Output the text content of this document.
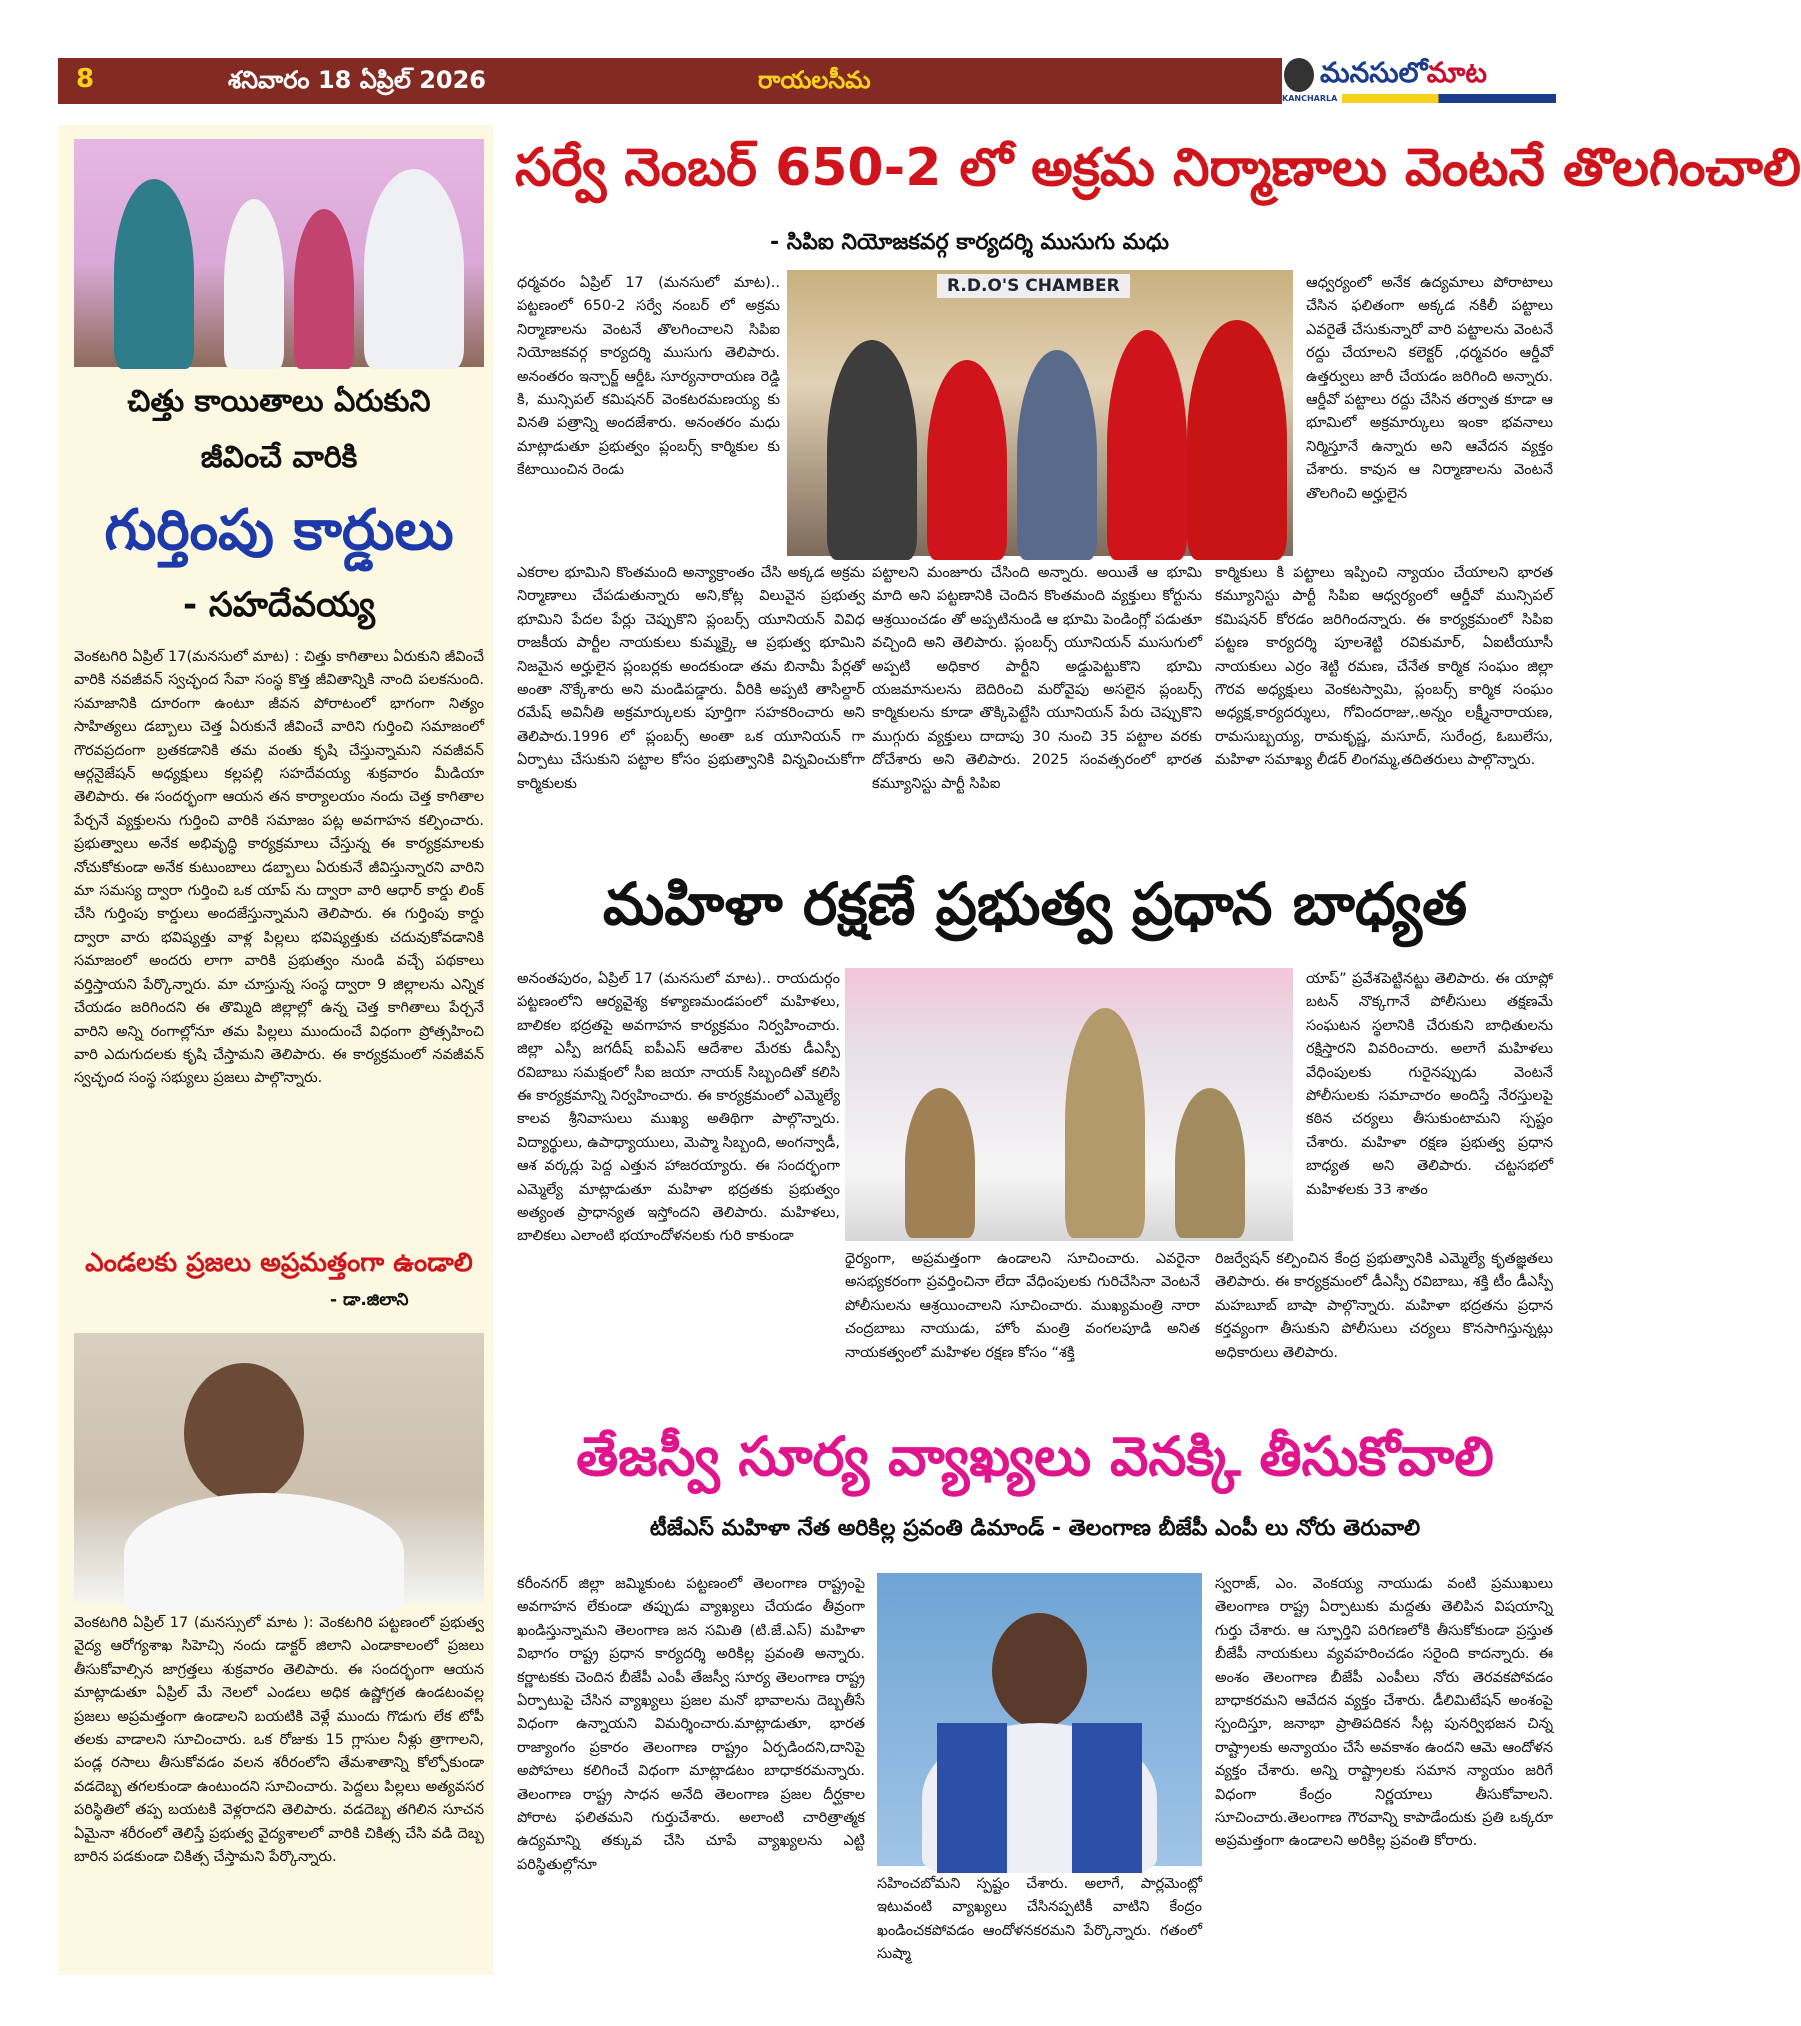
8	శనివారం 18 ఏప్రిల్ 2026	రాయలసీమ
KANCHARLA
మనసులోమాట
చిత్తు కాయితాలు ఏరుకుని
జీవించే వారికి
గుర్తింపు కార్డులు
- సహదేవయ్య
వెంకటగిరి ఏప్రిల్ 17(మనసులో మాట) : చిత్తు కాగితాలు ఏరుకుని జీవించే వారికి నవజీవన్ స్వచ్ఛంద సేవా సంస్థ కొత్త జీవితాన్నికి నాంది పలకనుంది. సమాజానికి దూరంగా ఉంటూ జీవన పోరాటంలో భాగంగా నిత్యం సాహిత్యలు డబ్బాలు చెత్త ఏరుకునే జీవించే వారిని గుర్తించి సమాజంలో గౌరవప్రదంగా బ్రతకడానికి తమ వంతు కృషి చేస్తున్నామని నవజీవన్ ఆర్గనైజేషన్ అధ్యక్షులు కల్లపల్లి సహదేవయ్య శుక్రవారం మీడియా తెలిపారు. ఈ సందర్భంగా ఆయన తన కార్యాలయం నందు చెత్త కాగితాల పేర్చనే వ్యక్తులను గుర్తించి వారికి సమాజం పట్ల అవగాహన కల్పించారు. ప్రభుత్వాలు అనేక అభివృద్ధి కార్యక్రమాలు చేస్తున్న ఈ కార్యక్రమాలకు నోచుకోకుండా అనేక కుటుంబాలు డబ్బాలు ఏరుకునే జీవిస్తున్నారని వారిని మా సమస్య ద్వారా గుర్తించి ఒక యాప్ ను ద్వారా వారి ఆధార్ కార్డు లింక్ చేసి గుర్తింపు కార్డులు అందజేస్తున్నామని తెలిపారు. ఈ గుర్తింపు కార్డు ద్వారా వారు భవిష్యత్తు వాళ్ల పిల్లలు భవిష్యత్తుకు చదువుకోవడానికి సమాజంలో అందరు లాగా వారికి ప్రభుత్వం నుండి వచ్చే పథకాలు వర్తిస్తాయని పేర్కొన్నారు. మా చూస్తున్న సంస్థ ద్వారా 9 జిల్లాలను ఎన్నిక చేయడం జరిగిందని ఈ తొమ్మిది జిల్లాల్లో ఉన్న చెత్త కాగితాలు పేర్చనే వారిని అన్ని రంగాల్లోనూ తమ పిల్లలు ముందుంచే విధంగా ప్రోత్సహించి వారి ఎదుగుదలకు కృషి చేస్తామని తెలిపారు. ఈ కార్యక్రమంలో నవజీవన్ స్వచ్ఛంద సంస్థ సభ్యులు ప్రజలు పాల్గొన్నారు.
ఎండలకు ప్రజలు అప్రమత్తంగా ఉండాలి
- డా.జిలాని
వెంకటగిరి ఏప్రిల్ 17 (మనస్సులో మాట ): వెంకటగిరి పట్టణంలో ప్రభుత్వ వైద్య ఆరోగ్యశాఖ సిహెచ్సి నందు డాక్టర్ జిలాని ఎండాకాలంలో ప్రజలు తీసుకోవాల్సిన జాగ్రత్తలు శుక్రవారం తెలిపారు. ఈ సందర్భంగా ఆయన మాట్లాడుతూ ఏప్రిల్ మే నెలలో ఎండలు అధిక ఉష్ణోగ్రత ఉండటంవల్ల ప్రజలు అప్రమత్తంగా ఉండాలని బయటికి వెళ్లే ముందు గొడుగు లేక టోపీ తలకు వాడాలని సూచించారు. ఒక రోజుకు 15 గ్లాసుల నీళ్లు త్రాగాలని, పండ్ల రసాలు తీసుకోవడం వలన శరీరంలోని తేమశాతాన్ని కోల్పోకుండా వడదెబ్బ తగలకుండా ఉంటుందని సూచించారు. పెద్దలు పిల్లలు అత్యవసర పరిస్థితిలో తప్ప బయటకి వెళ్లరాదని తెలిపారు. వడదెబ్బ తగిలిన సూచన ఏమైనా శరీరంలో తెలిస్తే ప్రభుత్వ వైద్యశాలలో వారికి చికిత్స చేసి వడి దెబ్బ బారిన పడకుండా చికిత్స చేస్తామని పేర్కొన్నారు.
సర్వే నెంబర్ 650-2 లో అక్రమ నిర్మాణాలు వెంటనే తొలగించాలి
- సిపిఐ నియోజకవర్గ కార్యదర్శి ముసుగు మధు
ధర్మవరం ఏప్రిల్ 17 (మనసులో మాట).. పట్టణంలో 650-2 సర్వే నంబర్ లో అక్రమ నిర్మాణాలను వెంటనే తొలగించాలని సిపిఐ నియోజకవర్గ కార్యదర్శి ముసుగు తెలిపారు. అనంతరం ఇన్చార్జ్ ఆర్డీఓ సూర్యనారాయణ రెడ్డి కి, మున్సిపల్ కమిషనర్ వెంకటరమణయ్య కు వినతి పత్రాన్ని అందజేశారు. అనంతరం మధు మాట్లాడుతూ ప్రభుత్వం ప్లంబర్స్ కార్మికుల కు కేటాయించిన రెండు
R.D.O'S CHAMBER	ఆధ్వర్యంలో అనేక ఉద్యమాలు పోరాటాలు చేసిన ఫలితంగా అక్కడ నకిలీ పట్టాలు ఎవరైతే చేసుకున్నారో వారి పట్టాలను వెంటనే రద్దు చేయాలని కలెక్టర్ ,ధర్మవరం ఆర్డీవో ఉత్తర్వులు జారీ చేయడం జరిగింది అన్నారు. ఆర్డీవో పట్టాలు రద్దు చేసిన తర్వాత కూడా ఆ భూమిలో అక్రమార్కులు ఇంకా భవనాలు నిర్మిస్తూనే ఉన్నారు అని ఆవేదన వ్యక్తం చేశారు. కావున ఆ నిర్మాణాలను వెంటనే తొలగించి అర్హులైన
ఎకరాల భూమిని కొంతమంది అన్యాక్రాంతం చేసి అక్కడ అక్రమ నిర్మాణాలు చేపడుతున్నారు అని,కోట్ల విలువైన ప్రభుత్వ భూమిని పేదల పేర్లు చెప్పుకొని ప్లంబర్స్ యూనియన్ వివిధ రాజకీయ పార్టీల నాయకులు కుమ్మక్కై ఆ ప్రభుత్వ భూమిని నిజమైన అర్హులైన ప్లంబర్లకు అందకుండా తమ బినామీ పేర్లతో అంతా నొక్కేశారు అని మండిపడ్డారు. వీరికి అప్పటి తాసిల్దార్ రమేష్ అవినీతి అక్రమార్కులకు పూర్తిగా సహకరించారు అని తెలిపారు.1996 లో ప్లంబర్స్ అంతా ఒక యూనియన్ గా ఏర్పాటు చేసుకుని పట్టాల కోసం ప్రభుత్వానికి విన్నవించుకోగా కార్మికులకు
పట్టాలని మంజూరు చేసింది అన్నారు. అయితే ఆ భూమి మాది అని పట్టణానికి చెందిన కొంతమంది వ్యక్తులు కోర్టును ఆశ్రయించడం తో అప్పటినుండి ఆ భూమి పెండింగ్లో పడుతూ వచ్చింది అని తెలిపారు. ప్లంబర్స్ యూనియన్ ముసుగులో అప్పటి అధికార పార్టీని అడ్డుపెట్టుకొని భూమి యజమానులను బెదిరించి మరోవైపు అసలైన ప్లంబర్స్ కార్మికులను కూడా తొక్కిపెట్టేసి యూనియన్ పేరు చెప్పుకొని ముగ్గురు వ్యక్తులు దాదాపు 30 నుంచి 35 పట్టాల వరకు దోచేశారు అని తెలిపారు. 2025 సంవత్సరంలో భారత కమ్యూనిస్టు పార్టీ సిపిఐ
కార్మికులు కి పట్టాలు ఇప్పించి న్యాయం చేయాలని భారత కమ్యూనిస్టు పార్టీ సిపిఐ ఆధ్వర్యంలో ఆర్డీవో మున్సిపల్ కమిషనర్ కోరడం జరిగిందన్నారు. ఈ కార్యక్రమంలో సిపిఐ పట్టణ కార్యదర్శి పూలశెట్టి రవికుమార్, ఏఐటీయూసీ నాయకులు ఎర్రం శెట్టి రమణ, చేనేత కార్మిక సంఘం జిల్లా గౌరవ అధ్యక్షులు వెంకటస్వామి, ప్లంబర్స్ కార్మిక సంఘం అధ్యక్ష,కార్యదర్శులు, గోవిందరాజు,.అన్నం లక్ష్మీనారాయణ, రామసుబ్బయ్య, రామకృష్ణ, మసూద్, సురేంద్ర, ఓబులేసు, మహిళా సమాఖ్య లీడర్ లింగమ్మ,తదితరులు పాల్గొన్నారు.
మహిళా రక్షణే ప్రభుత్వ ప్రధాన బాధ్యత
అనంతపురం, ఏప్రిల్ 17 (మనసులో మాట).. రాయదుర్గం పట్టణంలోని ఆర్యవైశ్య కళ్యాణమండపంలో మహిళలు, బాలికల భద్రతపై అవగాహన కార్యక్రమం నిర్వహించారు. జిల్లా ఎస్పీ జగదీష్ ఐపీఎస్ ఆదేశాల మేరకు డీఎస్పీ రవిబాబు సమక్షంలో సీఐ జయా నాయక్ సిబ్బందితో కలిసి ఈ కార్యక్రమాన్ని నిర్వహించారు. ఈ కార్యక్రమంలో ఎమ్మెల్యే కాలవ శ్రీనివాసులు ముఖ్య అతిథిగా పాల్గొన్నారు. విద్యార్థులు, ఉపాధ్యాయులు, మెప్మా సిబ్బంది, అంగన్వాడీ, ఆశ వర్కర్లు పెద్ద ఎత్తున హాజరయ్యారు. ఈ సందర్భంగా ఎమ్మెల్యే మాట్లాడుతూ మహిళా భద్రతకు ప్రభుత్వం అత్యంత ప్రాధాన్యత ఇస్తోందని తెలిపారు. మహిళలు, బాలికలు ఎలాంటి భయాందోళనలకు గురి కాకుండా
యాప్” ప్రవేశపెట్టినట్టు తెలిపారు. ఈ యాప్లో బటన్ నొక్కగానే పోలీసులు తక్షణమే సంఘటన స్థలానికి చేరుకుని బాధితులను రక్షిస్తారని వివరించారు. అలాగే మహిళలు వేధింపులకు గురైనప్పుడు వెంటనే పోలీసులకు సమాచారం అందిస్తే నేరస్తులపై కఠిన చర్యలు తీసుకుంటామని స్పష్టం చేశారు. మహిళా రక్షణ ప్రభుత్వ ప్రధాన బాధ్యత అని తెలిపారు. చట్టసభలో మహిళలకు 33 శాతం
ధైర్యంగా, అప్రమత్తంగా ఉండాలని సూచించారు. ఎవరైనా అసభ్యకరంగా ప్రవర్తించినా లేదా వేధింపులకు గురిచేసినా వెంటనే పోలీసులను ఆశ్రయించాలని సూచించారు. ముఖ్యమంత్రి నారా చంద్రబాబు నాయుడు, హోం మంత్రి వంగలపూడి అనిత నాయకత్వంలో మహిళల రక్షణ కోసం “శక్తి
రిజర్వేషన్ కల్పించిన కేంద్ర ప్రభుత్వానికి ఎమ్మెల్యే కృతజ్ఞతలు తెలిపారు. ఈ కార్యక్రమంలో డీఎస్పీ రవిబాబు, శక్తి టీం డీఎస్పీ మహబూబ్ బాషా పాల్గొన్నారు. మహిళా భద్రతను ప్రధాన కర్తవ్యంగా తీసుకుని పోలీసులు చర్యలు కొనసాగిస్తున్నట్లు అధికారులు తెలిపారు.
తేజస్వీ సూర్య వ్యాఖ్యలు వెనక్కి తీసుకోవాలి
టీజేఎస్ మహిళా నేత అరికిల్ల ప్రవంతి డిమాండ్ - తెలంగాణ బీజేపీ ఎంపీ లు నోరు తెరువాలి
కరీంనగర్ జిల్లా జమ్మికుంట పట్టణంలో తెలంగాణ రాష్ట్రంపై అవగాహన లేకుండా తప్పుడు వ్యాఖ్యలు చేయడం తీవ్రంగా ఖండిస్తున్నామని తెలంగాణ జన సమితి (టి.జే.ఎస్) మహిళా విభాగం రాష్ట్ర ప్రధాన కార్యదర్శి అరికిల్ల ప్రవంతి అన్నారు. కర్ణాటకకు చెందిన బీజేపీ ఎంపీ తేజస్వీ సూర్య తెలంగాణ రాష్ట్ర ఏర్పాటుపై చేసిన వ్యాఖ్యలు ప్రజల మనో భావాలను దెబ్బతీసే విధంగా ఉన్నాయని విమర్శించారు.మాట్లాడుతూ, భారత రాజ్యాంగం ప్రకారం తెలంగాణ రాష్ట్రం ఏర్పడిందని,దానిపై అపోహలు కలిగించే విధంగా మాట్లాడటం బాధాకరమన్నారు. తెలంగాణ రాష్ట్ర సాధన అనేది తెలంగాణ ప్రజల దీర్ఘకాల పోరాట ఫలితమని గుర్తుచేశారు. అలాంటి చారిత్రాత్మక ఉద్యమాన్ని తక్కువ చేసి చూపే వ్యాఖ్యలను ఎట్టి పరిస్థితుల్లోనూ
సహించబోమని స్పష్టం చేశారు. అలాగే, పార్లమెంట్లో ఇటువంటి వ్యాఖ్యలు చేసినప్పటికీ వాటిని కేంద్రం ఖండించకపోవడం ఆందోళనకరమని పేర్కొన్నారు. గతంలో సుష్మా
స్వరాజ్, ఎం. వెంకయ్య నాయుడు వంటి ప్రముఖులు తెలంగాణ రాష్ట్ర ఏర్పాటుకు మద్దతు తెలిపిన విషయాన్ని గుర్తు చేశారు. ఆ స్ఫూర్తిని పరిగణలోకి తీసుకోకుండా ప్రస్తుత బీజేపీ నాయకులు వ్యవహరించడం సరైంది కాదన్నారు. ఈ అంశం తెలంగాణ బీజేపీ ఎంపీలు నోరు తెరవకపోవడం బాధాకరమని ఆవేదన వ్యక్తం చేశారు. డీలిమిటేషన్ అంశంపై స్పందిస్తూ, జనాభా ప్రాతిపదికన సీట్ల పునర్విభజన చిన్న రాష్ట్రాలకు అన్యాయం చేసే అవకాశం ఉందని ఆమె ఆందోళన వ్యక్తం చేశారు. అన్ని రాష్ట్రాలకు సమాన న్యాయం జరిగే విధంగా కేంద్రం నిర్ణయాలు తీసుకోవాలని. సూచించారు.తెలంగాణ గౌరవాన్ని కాపాడేందుకు ప్రతి ఒక్కరూ అప్రమత్తంగా ఉండాలని అరికిల్ల ప్రవంతి కోరారు.
